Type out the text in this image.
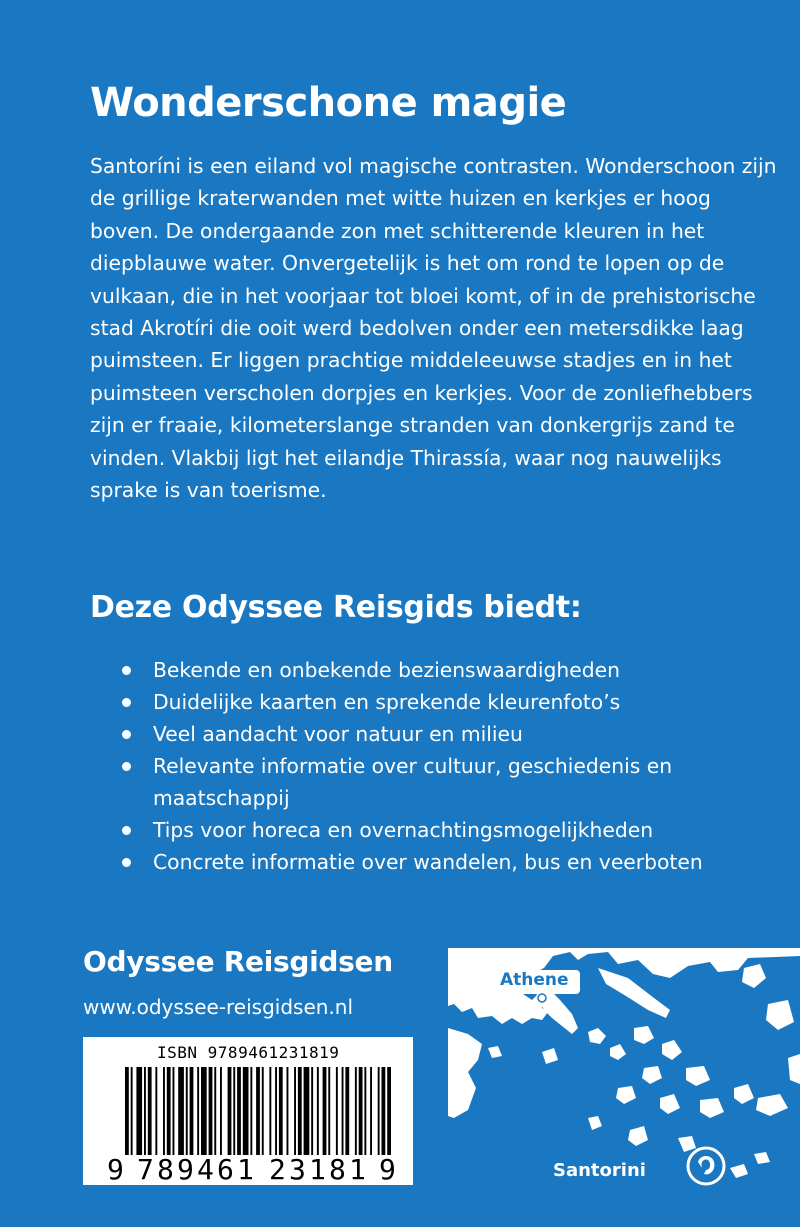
Wonderschone magie

Santoríni is een eiland vol magische contrasten. Wonderschoon zijn de grillige kraterwanden met witte huizen en kerkjes er hoog boven. De ondergaande zon met schitterende kleuren in het diepblauwe water. Onvergetelijk is het om rond te lopen op de vulkaan, die in het voorjaar tot bloei komt, of in de prehistorische stad Akrotíri die ooit werd bedolven onder een metersdikke laag puimsteen. Er liggen prachtige middeleeuwse stadjes en in het puimsteen verscholen dorpjes en kerkjes. Voor de zonliefhebbers zijn er fraaie, kilometerslange stranden van donkergrijs zand te vinden. Vlakbij ligt het eilandje Thirassía, waar nog nauwelijks sprake is van toerisme.

Deze Odyssee Reisgids biedt:
Bekende en onbekende bezienswaardigheden
Duidelijke kaarten en sprekende kleurenfoto’s
Veel aandacht voor natuur en milieu
Relevante informatie over cultuur, geschiedenis en maatschappij
Tips voor horeca en overnachtingsmogelijkheden
Concrete informatie over wandelen, bus en veerboten
Odyssee Reisgidsen
www.odyssee-reisgidsen.nl
ISBN 9789461231819
9 7 8 9 4 6 1 2 3 1 8 1 9
Athene
Santorini
